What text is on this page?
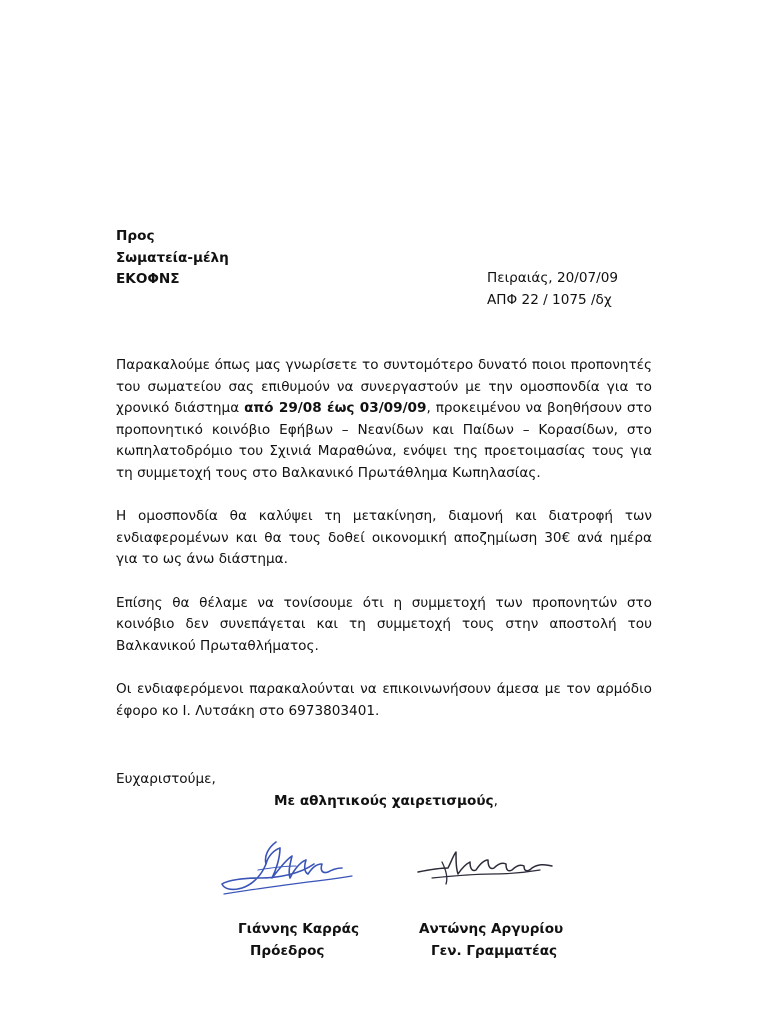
Προς
Σωματεία-μέλη
ΕΚΟΦΝΣ	Πειραιάς, 20/07/09
ΑΠΦ 22 / 1075 /δχ

Παρακαλούμε όπως μας γνωρίσετε το συντομότερο δυνατό ποιοι προπονητές του σωματείου σας επιθυμούν να συνεργαστούν με την ομοσπονδία για το χρονικό διάστημα από 29/08 έως 03/09/09, προκειμένου να βοηθήσουν στο προπονητικό κοινόβιο Εφήβων – Νεανίδων και Παίδων – Κορασίδων, στο κωπηλατοδρόμιο του Σχινιά Μαραθώνα, ενόψει της προετοιμασίας τους για τη συμμετοχή τους στο Βαλκανικό Πρωτάθλημα Κωπηλασίας.

Η ομοσπονδία θα καλύψει τη μετακίνηση, διαμονή και διατροφή των ενδιαφερομένων και θα τους δοθεί οικονομική αποζημίωση 30€ ανά ημέρα για το ως άνω διάστημα.

Επίσης θα θέλαμε να τονίσουμε ότι η συμμετοχή των προπονητών στο κοινόβιο δεν συνεπάγεται και τη συμμετοχή τους στην αποστολή του Βαλκανικού Πρωταθλήματος.

Οι ενδιαφερόμενοι παρακαλούνται να επικοινωνήσουν άμεσα με τον αρμόδιο έφορο κο Ι. Λυτσάκη στο 6973803401.

Ευχαριστούμε,
Με αθλητικούς χαιρετισμούς,
Γιάννης Καρράς
Πρόεδρος
Αντώνης Αργυρίου
Γεν. Γραμματέας
